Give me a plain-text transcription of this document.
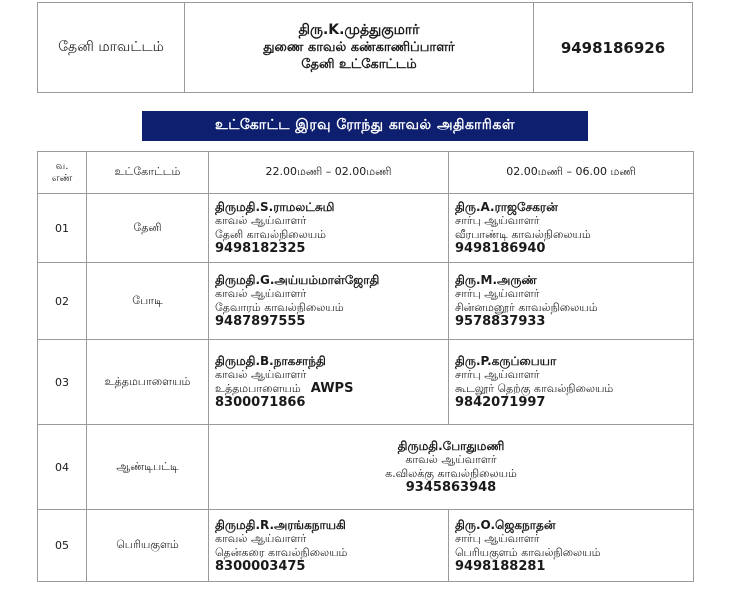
தேனி மாவட்டம்	
திரு.K.முத்துகுமார்
துணை காவல் கண்காணிப்பாளர்
தேனி உட்கோட்டம்
	9498186926
உட்கோட்ட இரவு ரோந்து காவல் அதிகாரிகள்
வ.
எண்	உட்கோட்டம்	22.00மணி – 02.00மணி	02.00மணி – 06.00 மணி
01	தேனி	திருமதி.S.ராமலட்சுமி
காவல் ஆய்வாளர்
தேனி காவல்நிலையம்
9498182325	திரு.A.ராஜசேகரன்
சார்பு ஆய்வாளர்
வீரபாண்டி காவல்நிலையம்
9498186940

02	போடி	திருமதி.G.அய்யம்மாள்ஜோதி
காவல் ஆய்வாளர்
தேவாரம் காவல்நிலையம்
9487897555	திரு.M.அருண்
சார்பு ஆய்வாளர்
சின்னமனூர் காவல்நிலையம்
9578837933

03	உத்தமபாளையம்	திருமதி.B.நாகசாந்தி
காவல் ஆய்வாளர்
உத்தமபாளையம் AWPS
8300071866	திரு.P.கருப்பையா
சார்பு ஆய்வாளர்
கூடலூர் தெற்கு காவல்நிலையம்
9842071997

04	ஆண்டிபட்டி	திருமதி.போதுமணி
காவல் ஆய்வாளர்
க.விலக்கு காவல்நிலையம்
9345863948	

05	பெரியகுளம்	திருமதி.R.அரங்கநாயகி
காவல் ஆய்வாளர்
தென்கரை காவல்நிலையம்
8300003475	திரு.O.ஜெகநாதன்
சார்பு ஆய்வாளர்
பெரியகுளம் காவல்நிலையம்
9498188281
